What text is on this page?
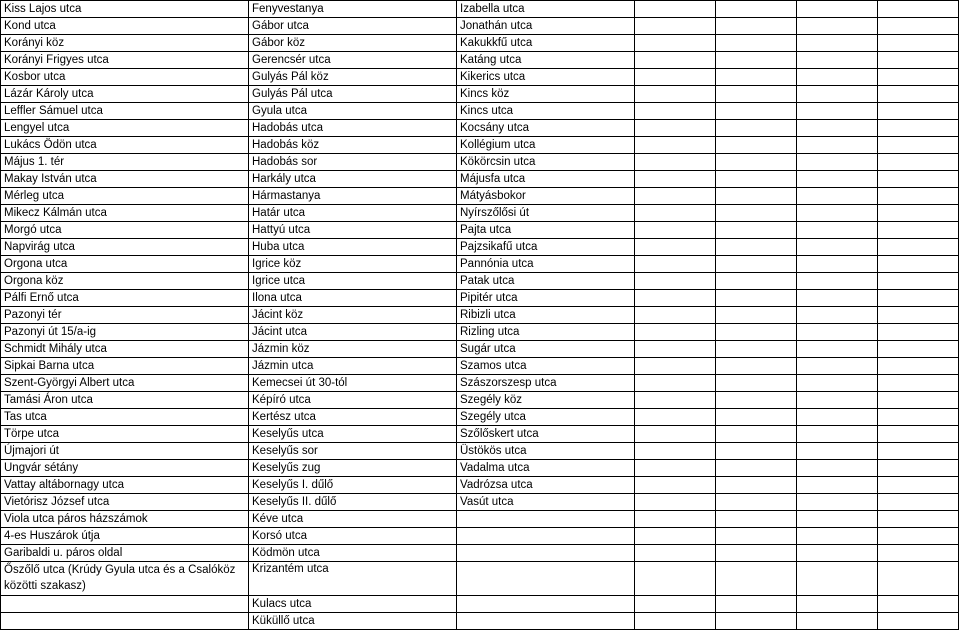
Kiss Lajos utca	Fenyvestanya	Izabella utca				
Kond utca	Gábor utca	Jonathán utca				
Korányi köz	Gábor köz	Kakukkfű utca				
Korányi Frigyes utca	Gerencsér utca	Katáng utca				
Kosbor utca	Gulyás Pál köz	Kikerics utca				
Lázár Károly utca	Gulyás Pál utca	Kincs köz				
Leffler Sámuel utca	Gyula utca	Kincs utca				
Lengyel utca	Hadobás utca	Kocsány utca				
Lukács Ödön utca	Hadobás köz	Kollégium utca				
Május 1. tér	Hadobás sor	Kökörcsin utca				
Makay István utca	Harkály utca	Májusfa utca				
Mérleg utca	Hármastanya	Mátyásbokor				
Mikecz Kálmán utca	Határ utca	Nyírszőlősi út				
Morgó utca	Hattyú utca	Pajta utca				
Napvirág utca	Huba utca	Pajzsikafű utca				
Orgona utca	Igrice köz	Pannónia utca				
Orgona köz	Igrice utca	Patak utca				
Pálfi Ernő utca	Ilona utca	Pipitér utca				
Pazonyi tér	Jácint köz	Ribizli utca				
Pazonyi út 15/a-ig	Jácint utca	Rizling utca				
Schmidt Mihály utca	Jázmin köz	Sugár utca				
Sipkai Barna utca	Jázmin utca	Szamos utca				
Szent-Györgyi Albert utca	Kemecsei út 30-tól	Szászorszesp utca				
Tamási Áron utca	Képíró utca	Szegély köz				
Tas utca	Kertész utca	Szegély utca				
Törpe utca	Keselyűs utca	Szőlőskert utca				
Újmajori út	Keselyűs sor	Üstökös utca				
Ungvár sétány	Keselyűs zug	Vadalma utca				
Vattay altábornagy utca	Keselyűs I. dűlő	Vadrózsa utca				
Vietórisz József utca	Keselyűs II. dűlő	Vasút utca				
Viola utca páros házszámok	Kéve utca					
4-es Huszárok útja	Korsó utca					
Garibaldi u. páros oldal	Ködmön utca					
Őszőlő utca (Krúdy Gyula utca és a Csalóköz közötti szakasz)	Krizantém utca					
	Kulacs utca					
	Küküllő utca					
